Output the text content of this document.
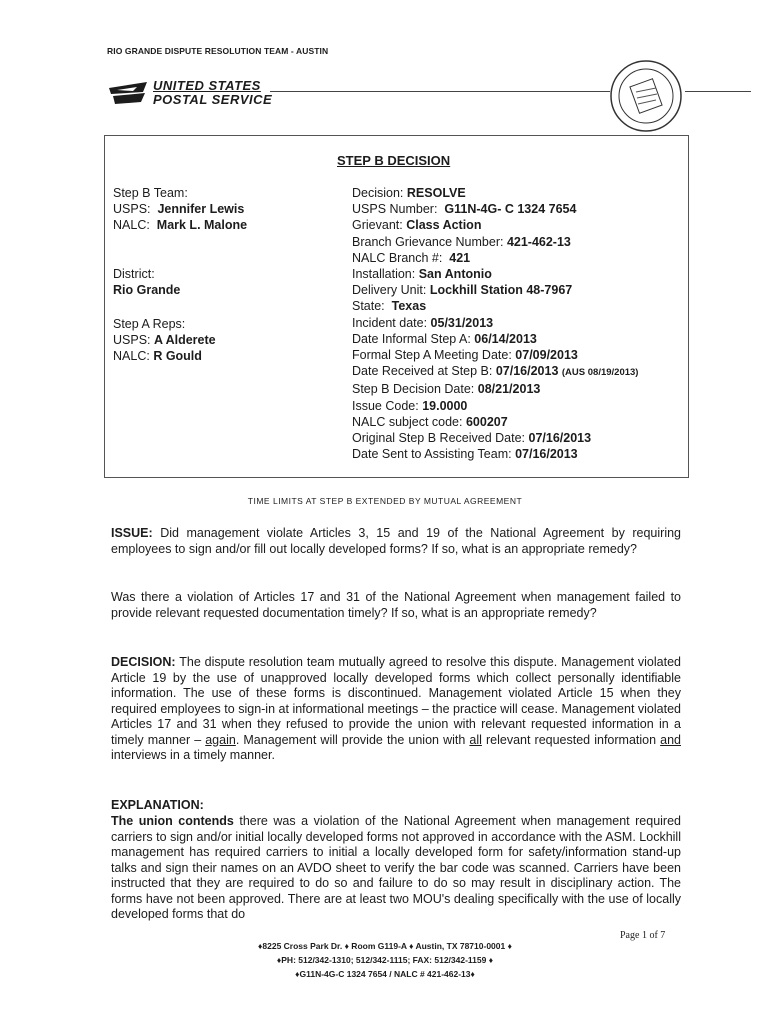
RIO GRANDE DISPUTE RESOLUTION TEAM - AUSTIN
UNITED STATES
POSTAL SERVICE
STEP B DECISION
Step B Team:
USPS: Jennifer Lewis
NALC: Mark L. Malone
District:
Rio Grande
Step A Reps:
USPS: A Alderete
NALC: R Gould
Decision: RESOLVE
USPS Number: G11N-4G- C 1324 7654
Grievant: Class Action
Branch Grievance Number: 421-462-13
NALC Branch #: 421
Installation: San Antonio
Delivery Unit: Lockhill Station 48-7967
State: Texas
Incident date: 05/31/2013
Date Informal Step A: 06/14/2013
Formal Step A Meeting Date: 07/09/2013
Date Received at Step B: 07/16/2013 (AUS 08/19/2013)
Step B Decision Date: 08/21/2013
Issue Code: 19.0000
NALC subject code: 600207
Original Step B Received Date: 07/16/2013
Date Sent to Assisting Team: 07/16/2013
TIME LIMITS AT STEP B EXTENDED BY MUTUAL AGREEMENT
ISSUE: Did management violate Articles 3, 15 and 19 of the National Agreement by requiring employees to sign and/or fill out locally developed forms? If so, what is an appropriate remedy?
Was there a violation of Articles 17 and 31 of the National Agreement when management failed to provide relevant requested documentation timely? If so, what is an appropriate remedy?
DECISION: The dispute resolution team mutually agreed to resolve this dispute. Management violated Article 19 by the use of unapproved locally developed forms which collect personally identifiable information. The use of these forms is discontinued. Management violated Article 15 when they required employees to sign-in at informational meetings – the practice will cease. Management violated Articles 17 and 31 when they refused to provide the union with relevant requested information in a timely manner – again. Management will provide the union with all relevant requested information and interviews in a timely manner.
EXPLANATION:
The union contends there was a violation of the National Agreement when management required carriers to sign and/or initial locally developed forms not approved in accordance with the ASM. Lockhill management has required carriers to initial a locally developed form for safety/information stand-up talks and sign their names on an AVDO sheet to verify the bar code was scanned. Carriers have been instructed that they are required to do so and failure to do so may result in disciplinary action. The forms have not been approved. There are at least two MOU's dealing specifically with the use of locally developed forms that do
Page 1 of 7
♦8225 Cross Park Dr. ♦ Room G119-A ♦ Austin, TX 78710-0001 ♦
♦PH: 512/342-1310; 512/342-1115; FAX: 512/342-1159 ♦
♦G11N-4G-C 1324 7654 / NALC # 421-462-13♦
